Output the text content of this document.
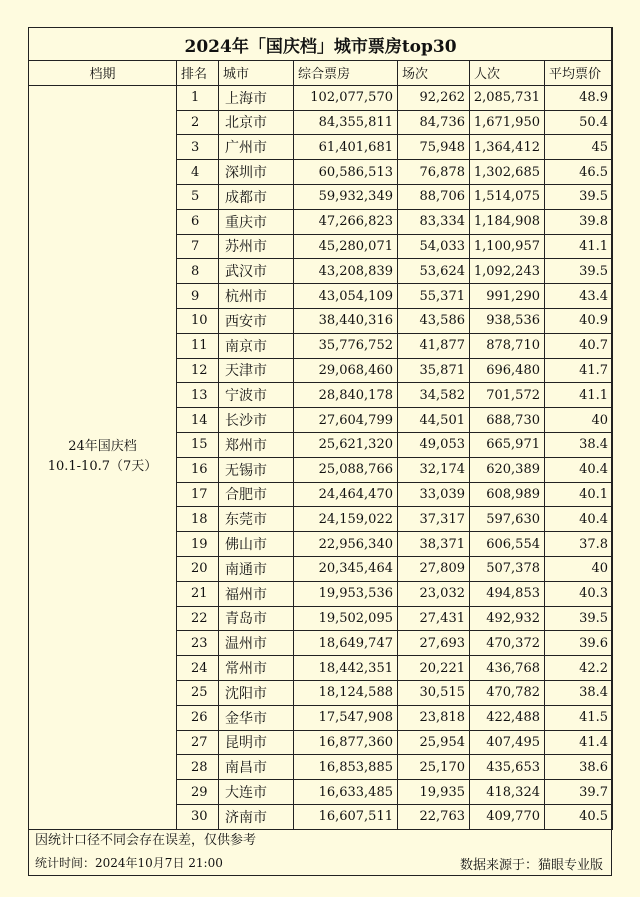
2024年「国庆档」城市票房top30						
档期	排名	城市	综合票房	场次	人次	平均票价

24年国庆档
10.1-10.7（7天）	1	上海市	102,077,570	92,262	2,085,731	48.9
	2	北京市	84,355,811	84,736	1,671,950	50.4
	3	广州市	61,401,681	75,948	1,364,412	45
	4	深圳市	60,586,513	76,878	1,302,685	46.5
	5	成都市	59,932,349	88,706	1,514,075	39.5
	6	重庆市	47,266,823	83,334	1,184,908	39.8
	7	苏州市	45,280,071	54,033	1,100,957	41.1
	8	武汉市	43,208,839	53,624	1,092,243	39.5
	9	杭州市	43,054,109	55,371	991,290	43.4
	10	西安市	38,440,316	43,586	938,536	40.9
	11	南京市	35,776,752	41,877	878,710	40.7
	12	天津市	29,068,460	35,871	696,480	41.7
	13	宁波市	28,840,178	34,582	701,572	41.1
	14	长沙市	27,604,799	44,501	688,730	40
	15	郑州市	25,621,320	49,053	665,971	38.4
	16	无锡市	25,088,766	32,174	620,389	40.4
	17	合肥市	24,464,470	33,039	608,989	40.1
	18	东莞市	24,159,022	37,317	597,630	40.4
	19	佛山市	22,956,340	38,371	606,554	37.8
	20	南通市	20,345,464	27,809	507,378	40
	21	福州市	19,953,536	23,032	494,853	40.3
	22	青岛市	19,502,095	27,431	492,932	39.5
	23	温州市	18,649,747	27,693	470,372	39.6
	24	常州市	18,442,351	20,221	436,768	42.2
	25	沈阳市	18,124,588	30,515	470,782	38.4
	26	金华市	17,547,908	23,818	422,488	41.5
	27	昆明市	16,877,360	25,954	407,495	41.4
	28	南昌市	16,853,885	25,170	435,653	38.6
	29	大连市	16,633,485	19,935	418,324	39.7
	30	济南市	16,607,511	22,763	409,770	40.5
因统计口径不同会存在误差，仅供参考
统计时间：2024年10月7日 21:00	数据来源于：猫眼专业版
